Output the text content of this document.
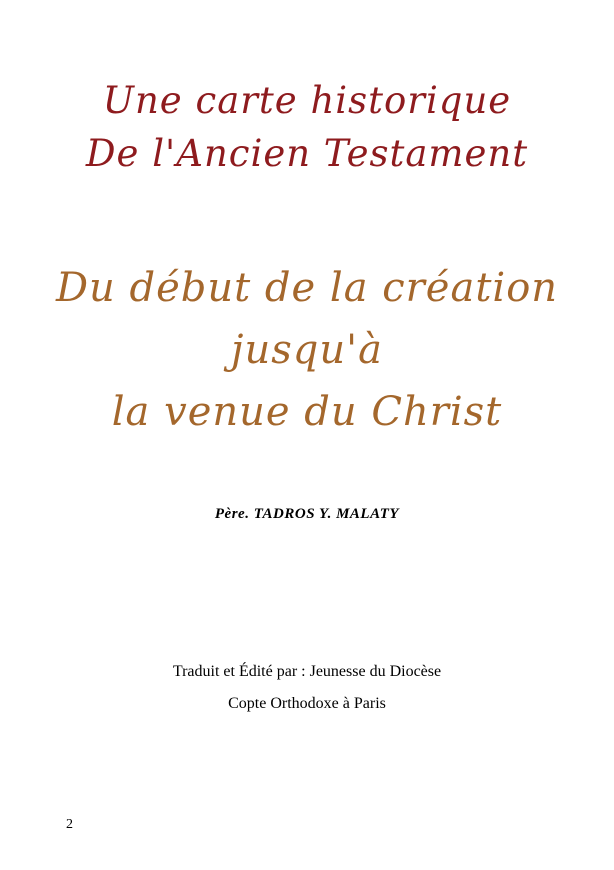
Une carte historique
De l'Ancien Testament
Du début de la création jusqu'à
la venue du Christ
Père. TADROS Y. MALATY
Traduit et Édité par : Jeunesse du Diocèse
Copte Orthodoxe à Paris
2
